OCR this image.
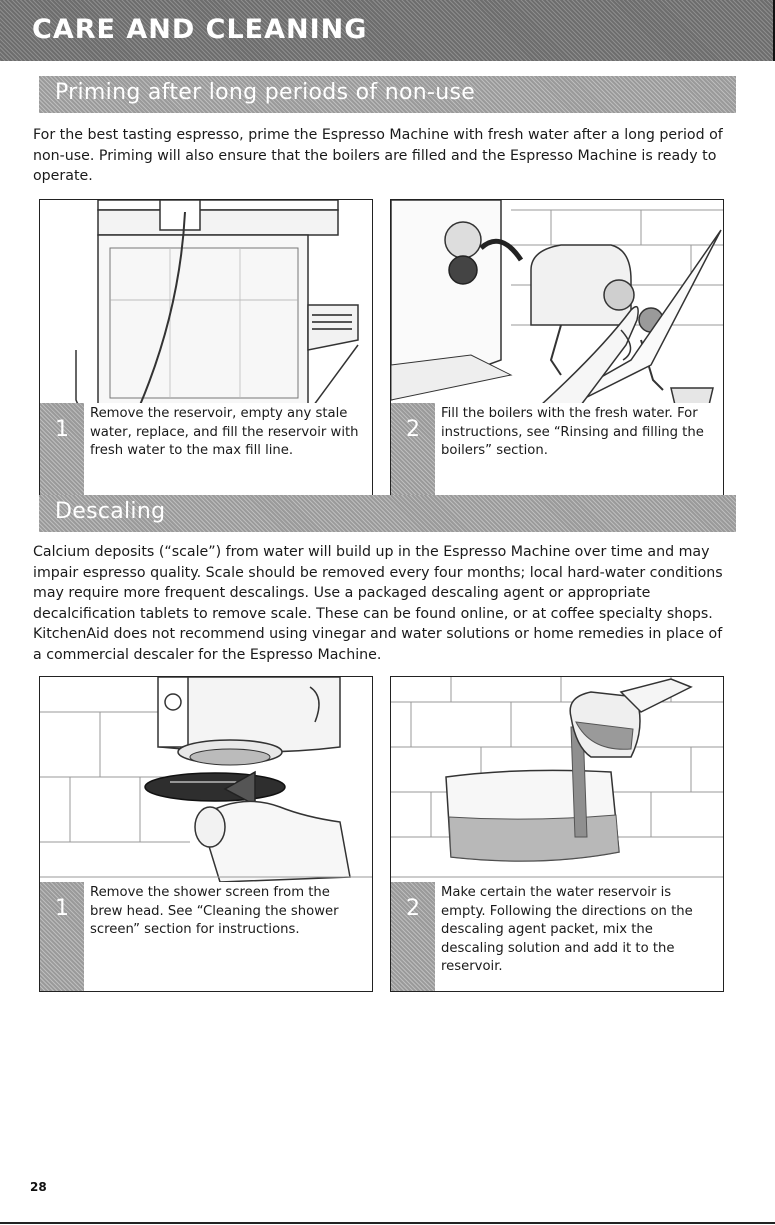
CARE AND CLEANING
Priming after long periods of non-use

For the best tasting espresso, prime the Espresso Machine with fresh water after a long period of non-use. Priming will also ensure that the boilers are filled and the Espresso Machine is ready to operate.

1

Remove the reservoir, empty any stale water, replace, and fill the reservoir with fresh water to the max fill line.

2

Fill the boilers with the fresh water. For instructions, see “Rinsing and filling the boilers” section.

Descaling

Calcium deposits (“scale”) from water will build up in the Espresso Machine over time and may impair espresso quality. Scale should be removed every four months; local hard-water conditions may require more frequent descalings. Use a packaged descaling agent or appropriate decalcification tablets to remove scale. These can be found online, or at coffee specialty shops. KitchenAid does not recommend using vinegar and water solutions or home remedies in place of a commercial descaler for the Espresso Machine.

1

Remove the shower screen from the brew head. See “Cleaning the shower screen” section for instructions.

2

Make certain the water reservoir is empty. Following the directions on the descaling agent packet, mix the descaling solution and add it to the reservoir.

28
